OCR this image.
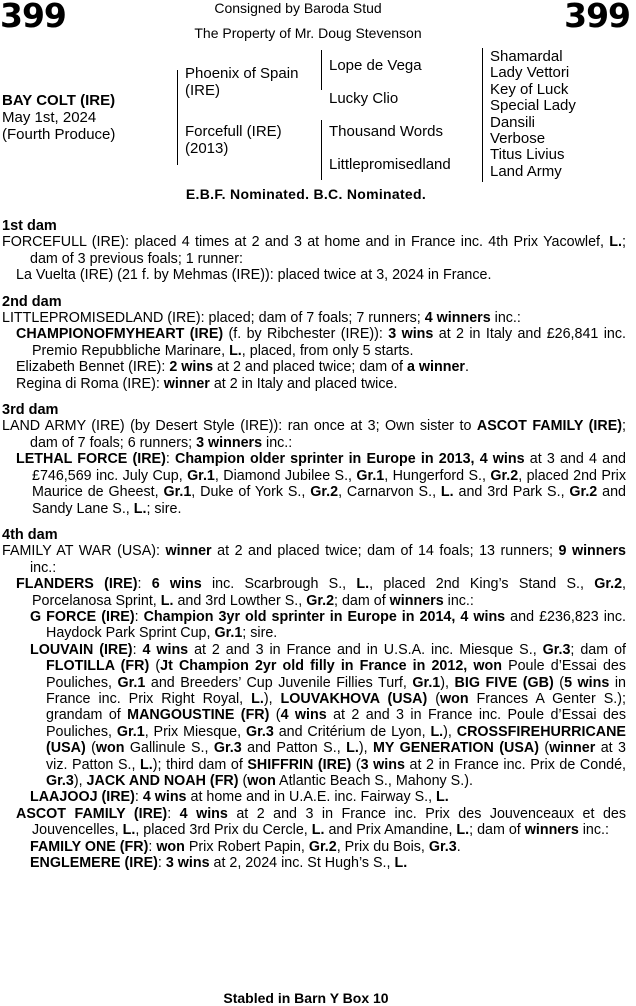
399	399
Consigned by Baroda Stud
The Property of Mr. Doug Stevenson
BAY COLT (IRE)
May 1st, 2024
(Fourth Produce)
Phoenix of Spain
(IRE)
Forcefull (IRE)
(2013)
Lope de Vega
Lucky Clio
Thousand Words
Littlepromisedland
Shamardal
Lady Vettori
Key of Luck
Special Lady
Dansili
Verbose
Titus Livius
Land Army
E.B.F. Nominated. B.C. Nominated.
1st dam
FORCEFULL (IRE): placed 4 times at 2 and 3 at home and in France inc. 4th Prix Yacowlef, L.; dam of 3 previous foals; 1 runner:
La Vuelta (IRE) (21 f. by Mehmas (IRE)): placed twice at 3, 2024 in France.
2nd dam
LITTLEPROMISEDLAND (IRE): placed; dam of 7 foals; 7 runners; 4 winners inc.:
CHAMPIONOFMYHEART (IRE) (f. by Ribchester (IRE)): 3 wins at 2 in Italy and £26,841 inc. Premio Repubbliche Marinare, L., placed, from only 5 starts.
Elizabeth Bennet (IRE): 2 wins at 2 and placed twice; dam of a winner.
Regina di Roma (IRE): winner at 2 in Italy and placed twice.
3rd dam
LAND ARMY (IRE) (by Desert Style (IRE)): ran once at 3; Own sister to ASCOT FAMILY (IRE); dam of 7 foals; 6 runners; 3 winners inc.:
LETHAL FORCE (IRE): Champion older sprinter in Europe in 2013, 4 wins at 3 and 4 and £746,569 inc. July Cup, Gr.1, Diamond Jubilee S., Gr.1, Hungerford S., Gr.2, placed 2nd Prix Maurice de Gheest, Gr.1, Duke of York S., Gr.2, Carnarvon S., L. and 3rd Park S., Gr.2 and Sandy Lane S., L.; sire.
4th dam
FAMILY AT WAR (USA): winner at 2 and placed twice; dam of 14 foals; 13 runners; 9 winners inc.:
FLANDERS (IRE): 6 wins inc. Scarbrough S., L., placed 2nd King’s Stand S., Gr.2, Porcelanosa Sprint, L. and 3rd Lowther S., Gr.2; dam of winners inc.:
G FORCE (IRE): Champion 3yr old sprinter in Europe in 2014, 4 wins and £236,823 inc. Haydock Park Sprint Cup, Gr.1; sire.
LOUVAIN (IRE): 4 wins at 2 and 3 in France and in U.S.A. inc. Miesque S., Gr.3; dam of FLOTILLA (FR) (Jt Champion 2yr old filly in France in 2012, won Poule d’Essai des Pouliches, Gr.1 and Breeders’ Cup Juvenile Fillies Turf, Gr.1), BIG FIVE (GB) (5 wins in France inc. Prix Right Royal, L.), LOUVAKHOVA (USA) (won Frances A Genter S.); grandam of MANGOUSTINE (FR) (4 wins at 2 and 3 in France inc. Poule d’Essai des Pouliches, Gr.1, Prix Miesque, Gr.3 and Critérium de Lyon, L.), CROSSFIREHURRICANE (USA) (won Gallinule S., Gr.3 and Patton S., L.), MY GENERATION (USA) (winner at 3 viz. Patton S., L.); third dam of SHIFFRIN (IRE) (3 wins at 2 in France inc. Prix de Condé, Gr.3), JACK AND NOAH (FR) (won Atlantic Beach S., Mahony S.).
LAAJOOJ (IRE): 4 wins at home and in U.A.E. inc. Fairway S., L.
ASCOT FAMILY (IRE): 4 wins at 2 and 3 in France inc. Prix des Jouvenceaux et des Jouvencelles, L., placed 3rd Prix du Cercle, L. and Prix Amandine, L.; dam of winners inc.:
FAMILY ONE (FR): won Prix Robert Papin, Gr.2, Prix du Bois, Gr.3.
ENGLEMERE (IRE): 3 wins at 2, 2024 inc. St Hugh’s S., L.
Stabled in Barn Y Box 10
